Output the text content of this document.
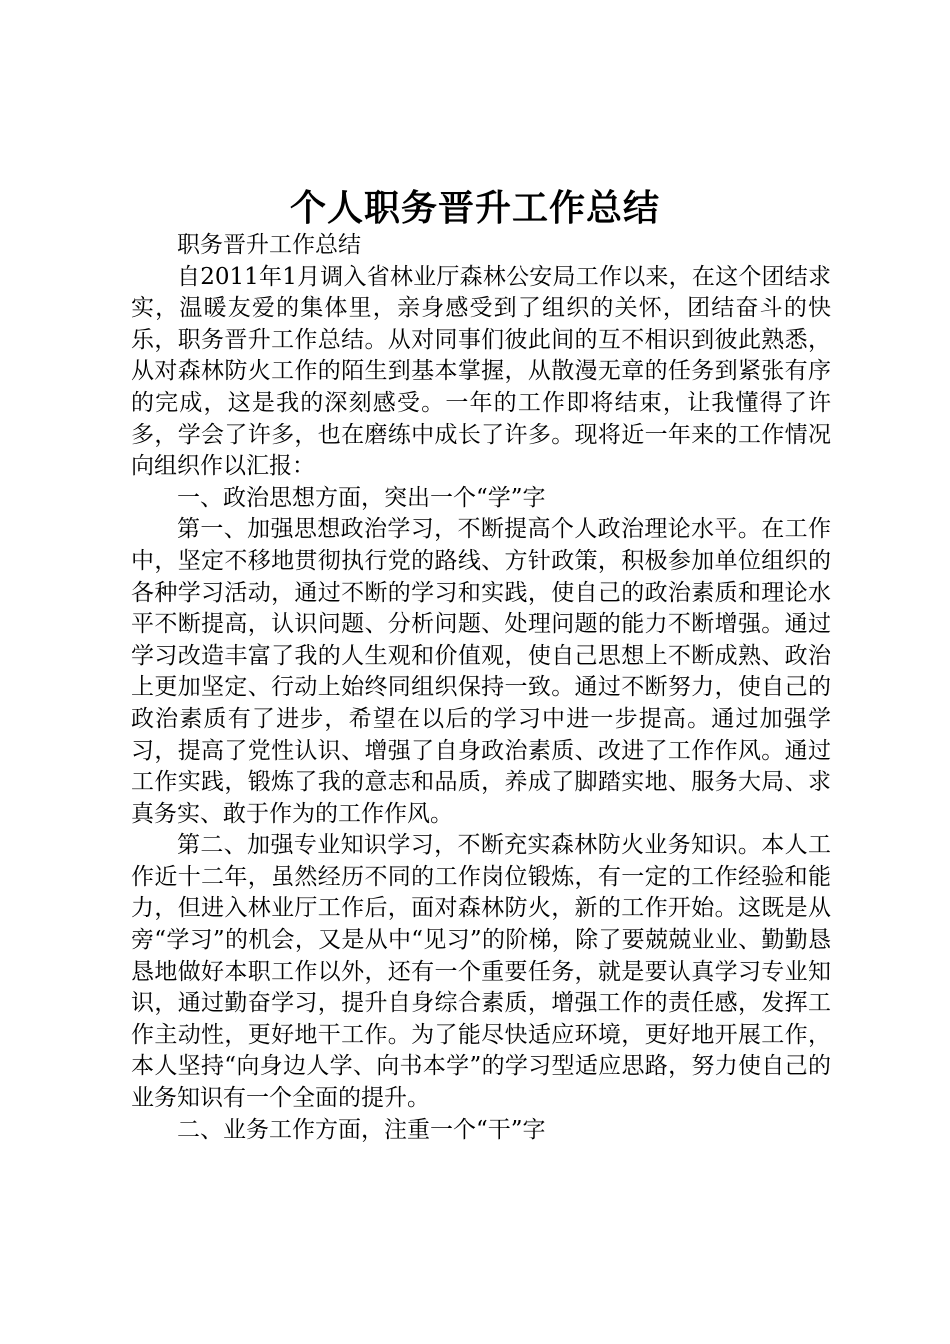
个人职务晋升工作总结

职务晋升工作总结

自2011年1月调入省林业厅森林公安局工作以来，在这个团结求实，温暖友爱的集体里，亲身感受到了组织的关怀，团结奋斗的快乐，职务晋升工作总结。从对同事们彼此间的互不相识到彼此熟悉，从对森林防火工作的陌生到基本掌握，从散漫无章的任务到紧张有序的完成，这是我的深刻感受。一年的工作即将结束，让我懂得了许多，学会了许多，也在磨练中成长了许多。现将近一年来的工作情况向组织作以汇报：

一、政治思想方面，突出一个“学”字

第一、加强思想政治学习，不断提高个人政治理论水平。在工作中，坚定不移地贯彻执行党的路线、方针政策，积极参加单位组织的各种学习活动，通过不断的学习和实践，使自己的政治素质和理论水平不断提高，认识问题、分析问题、处理问题的能力不断增强。通过学习改造丰富了我的人生观和价值观，使自己思想上不断成熟、政治上更加坚定、行动上始终同组织保持一致。通过不断努力，使自己的政治素质有了进步，希望在以后的学习中进一步提高。通过加强学习，提高了党性认识、增强了自身政治素质、改进了工作作风。通过工作实践，锻炼了我的意志和品质，养成了脚踏实地、服务大局、求真务实、敢于作为的工作作风。

第二、加强专业知识学习，不断充实森林防火业务知识。本人工作近十二年，虽然经历不同的工作岗位锻炼，有一定的工作经验和能力，但进入林业厅工作后，面对森林防火，新的工作开始。这既是从旁“学习”的机会，又是从中“见习”的阶梯，除了要兢兢业业、勤勤恳恳地做好本职工作以外，还有一个重要任务，就是要认真学习专业知识，通过勤奋学习，提升自身综合素质，增强工作的责任感，发挥工作主动性，更好地干工作。为了能尽快适应环境，更好地开展工作，本人坚持“向身边人学、向书本学”的学习型适应思路，努力使自己的业务知识有一个全面的提升。

二、业务工作方面，注重一个“干”字
